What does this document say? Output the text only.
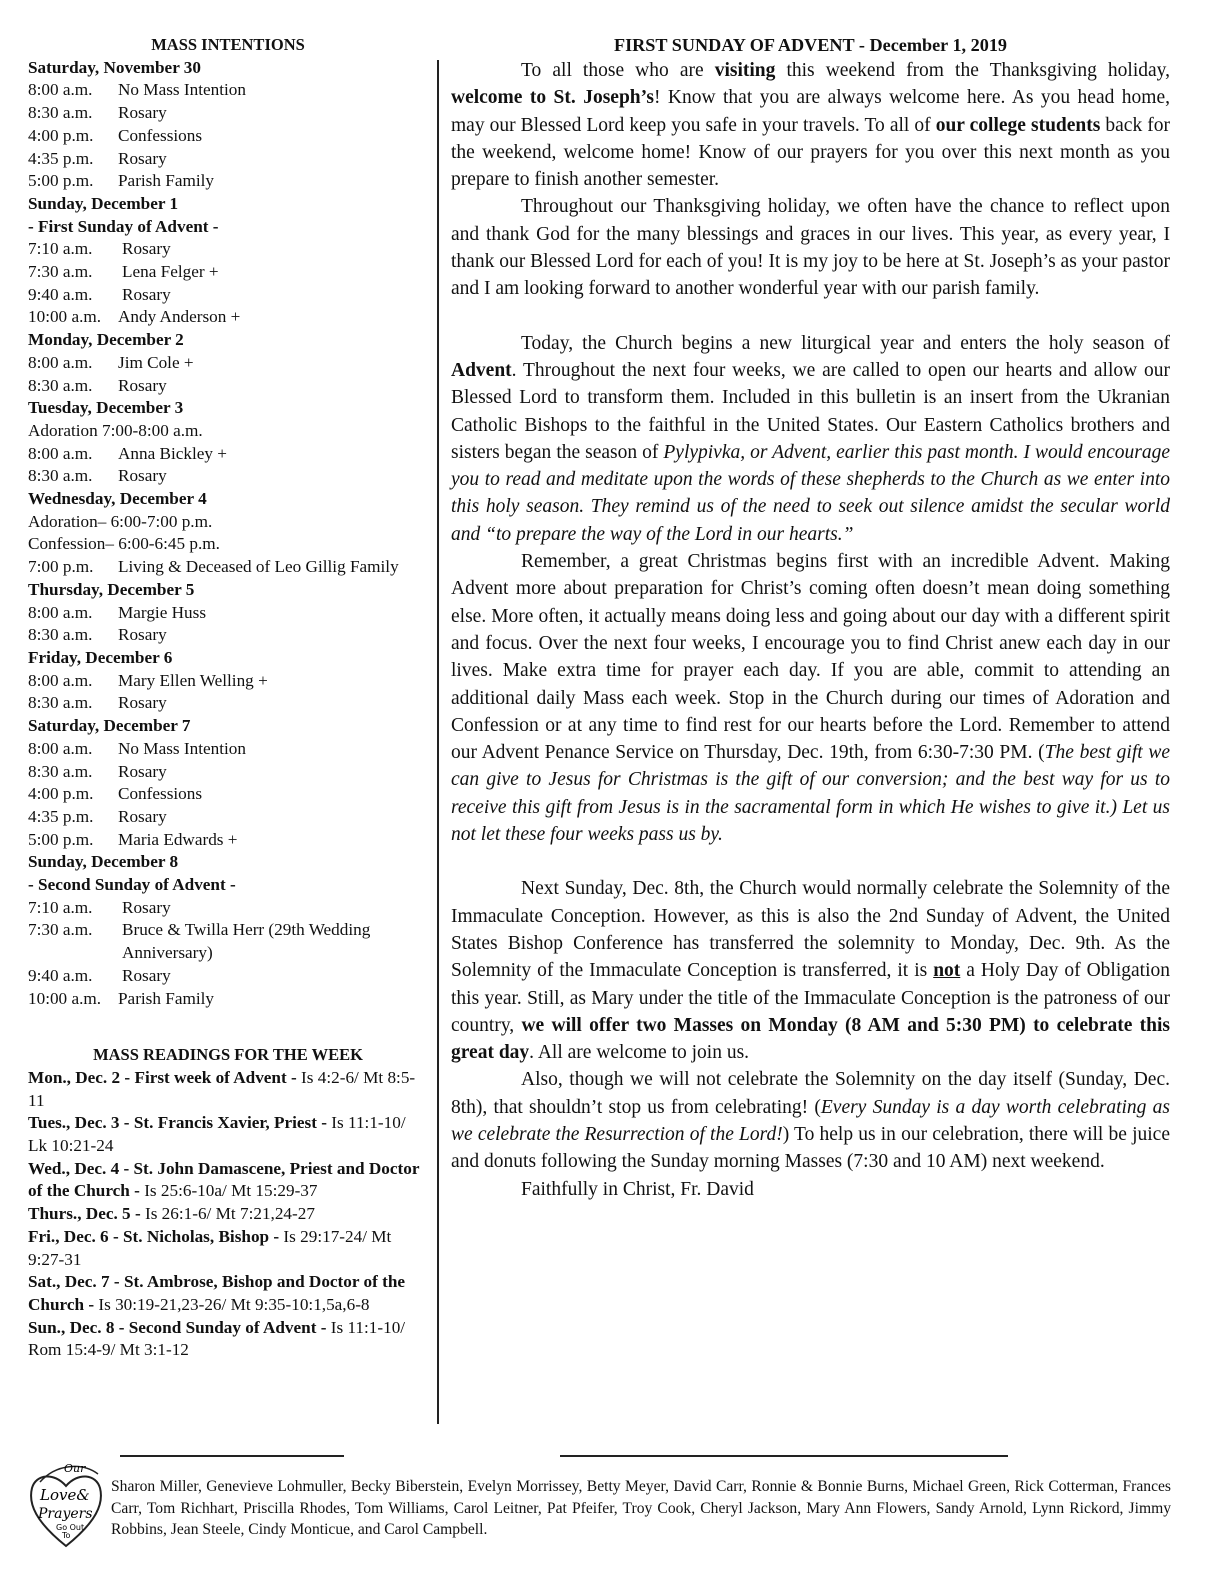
MASS INTENTIONS
Saturday, November 30
8:00 a.m.	No Mass Intention
8:30 a.m.	Rosary
4:00 p.m.	Confessions
4:35 p.m.	Rosary
5:00 p.m.	Parish Family
Sunday, December 1
- First Sunday of Advent -
7:10 a.m.	Rosary
7:30 a.m.	Lena Felger +
9:40 a.m.	Rosary
10:00 a.m. Andy Anderson +
Monday, December 2
8:00 a.m.	Jim Cole +
8:30 a.m.	Rosary
Tuesday, December 3
Adoration 7:00-8:00 a.m.
8:00 a.m.	Anna Bickley +
8:30 a.m.	Rosary
Wednesday, December 4
Adoration– 6:00-7:00 p.m.
Confession– 6:00-6:45 p.m.
7:00 p.m.	Living & Deceased of Leo Gillig Family
Thursday, December 5
8:00 a.m.	Margie Huss
8:30 a.m.	Rosary
Friday, December 6
8:00 a.m.	Mary Ellen Welling +
8:30 a.m.	Rosary
Saturday, December 7
8:00 a.m.	No Mass Intention
8:30 a.m.	Rosary
4:00 p.m.	Confessions
4:35 p.m.	Rosary
5:00 p.m.	Maria Edwards +
Sunday, December 8
- Second Sunday of Advent -
7:10 a.m.	Rosary
7:30 a.m.	Bruce & Twilla Herr (29th Wedding Anniversary)
9:40 a.m.	Rosary
10:00 a.m. Parish Family
MASS READINGS FOR THE WEEK
Mon., Dec. 2 - First week of Advent - Is 4:2-6/ Mt 8:5-11
Tues., Dec. 3 - St. Francis Xavier, Priest - Is 11:1-10/ Lk 10:21-24
Wed., Dec. 4 - St. John Damascene, Priest and Doctor of the Church - Is 25:6-10a/ Mt 15:29-37
Thurs., Dec. 5 - Is 26:1-6/ Mt 7:21,24-27
Fri., Dec. 6 - St. Nicholas, Bishop - Is 29:17-24/ Mt 9:27-31
Sat., Dec. 7 - St. Ambrose, Bishop and Doctor of the Church - Is 30:19-21,23-26/ Mt 9:35-10:1,5a,6-8
Sun., Dec. 8 - Second Sunday of Advent - Is 11:1-10/ Rom 15:4-9/ Mt 3:1-12
FIRST SUNDAY OF ADVENT - December 1, 2019

To all those who are visiting this weekend from the Thanksgiving holiday, welcome to St. Joseph’s! Know that you are always welcome here. As you head home, may our Blessed Lord keep you safe in your travels. To all of our college students back for the weekend, welcome home! Know of our prayers for you over this next month as you prepare to finish another semester.

Throughout our Thanksgiving holiday, we often have the chance to reflect upon and thank God for the many blessings and graces in our lives. This year, as every year, I thank our Blessed Lord for each of you! It is my joy to be here at St. Joseph’s as your pastor and I am looking forward to another wonderful year with our parish family.

Today, the Church begins a new liturgical year and enters the holy season of Advent. Throughout the next four weeks, we are called to open our hearts and allow our Blessed Lord to transform them. Included in this bulletin is an insert from the Ukranian Catholic Bishops to the faithful in the United States. Our Eastern Catholics brothers and sisters began the season of Pylypivka, or Advent, earlier this past month. I would encourage you to read and meditate upon the words of these shepherds to the Church as we enter into this holy season. They remind us of the need to seek out silence amidst the secular world and “to prepare the way of the Lord in our hearts.”

Remember, a great Christmas begins first with an incredible Advent. Making Advent more about preparation for Christ’s coming often doesn’t mean doing something else. More often, it actually means doing less and going about our day with a different spirit and focus. Over the next four weeks, I encourage you to find Christ anew each day in our lives. Make extra time for prayer each day. If you are able, commit to attending an additional daily Mass each week. Stop in the Church during our times of Adoration and Confession or at any time to find rest for our hearts before the Lord. Remember to attend our Advent Penance Service on Thursday, Dec. 19th, from 6:30-7:30 PM. (The best gift we can give to Jesus for Christmas is the gift of our conversion; and the best way for us to receive this gift from Jesus is in the sacramental form in which He wishes to give it.) Let us not let these four weeks pass us by.

Next Sunday, Dec. 8th, the Church would normally celebrate the Solemnity of the Immaculate Conception. However, as this is also the 2nd Sunday of Advent, the United States Bishop Conference has transferred the solemnity to Monday, Dec. 9th. As the Solemnity of the Immaculate Conception is transferred, it is not a Holy Day of Obligation this year. Still, as Mary under the title of the Immaculate Conception is the patroness of our country, we will offer two Masses on Monday (8 AM and 5:30 PM) to celebrate this great day. All are welcome to join us.

Also, though we will not celebrate the Solemnity on the day itself (Sunday, Dec. 8th), that shouldn’t stop us from celebrating! (Every Sunday is a day worth celebrating as we celebrate the Resurrection of the Lord!) To help us in our celebration, there will be juice and donuts following the Sunday morning Masses (7:30 and 10 AM) next weekend.

Faithfully in Christ, Fr. David

Our
Love&
Prayers
Go Out
To
Sharon Miller, Genevieve Lohmuller, Becky Biberstein, Evelyn Morrissey, Betty Meyer, David Carr, Ronnie & Bonnie Burns, Michael Green, Rick Cotterman, Frances Carr, Tom Richhart, Priscilla Rhodes, Tom Williams, Carol Leitner, Pat Pfeifer, Troy Cook, Cheryl Jackson, Mary Ann Flowers, Sandy Arnold, Lynn Rickord, Jimmy Robbins, Jean Steele, Cindy Monticue, and Carol Campbell.
